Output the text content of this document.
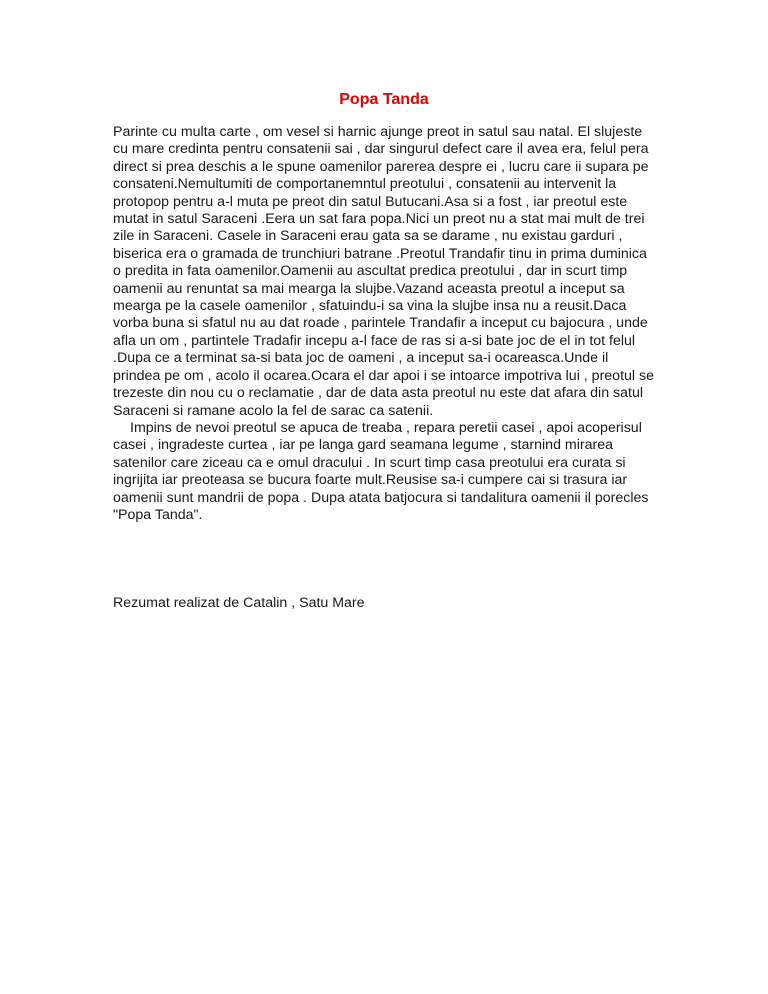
Popa Tanda

Parinte cu multa carte , om vesel si harnic ajunge preot in satul sau natal. El slujeste cu mare credinta pentru consatenii sai , dar singurul defect care il avea era, felul pera direct si prea deschis a le spune oamenilor parerea despre ei , lucru care ii supara pe consateni.Nemultumiti de comportanemntul preotului , consatenii au intervenit la protopop pentru a-l muta pe preot din satul Butucani.Asa si a fost , iar preotul este mutat in satul Saraceni .Eera un sat fara popa.Nici un preot nu a stat mai mult de trei zile in Saraceni. Casele in Saraceni erau gata sa se darame , nu existau garduri , biserica era o gramada de trunchiuri batrane .Preotul Trandafir tinu in prima duminica o predita in fata oamenilor.Oamenii au ascultat predica preotului , dar in scurt timp oamenii au renuntat sa mai mearga la slujbe.Vazand aceasta preotul a inceput sa mearga pe la casele oamenilor , sfatuindu-i sa vina la slujbe insa nu a reusit.Daca vorba buna si sfatul nu au dat roade , parintele Trandafir a inceput cu bajocura , unde afla un om , partintele Tradafir incepu a-l face de ras si a-si bate joc de el in tot felul .Dupa ce a terminat sa-si bata joc de oameni , a inceput sa-i ocareasca.Unde il prindea pe om , acolo il ocarea.Ocara el dar apoi i se intoarce impotriva lui , preotul se trezeste din nou cu o reclamatie , dar de data asta preotul nu este dat afara din satul Saraceni si ramane acolo la fel de sarac ca satenii.

Impins de nevoi preotul se apuca de treaba , repara peretii casei , apoi acoperisul casei , ingradeste curtea , iar pe langa gard seamana legume , starnind mirarea satenilor care ziceau ca e omul dracului . In scurt timp casa preotului era curata si ingrijita iar preoteasa se bucura foarte mult.Reusise sa-i cumpere cai si trasura iar oamenii sunt mandrii de popa . Dupa atata batjocura si tandalitura oamenii il porecles "Popa Tanda".

Rezumat realizat de Catalin , Satu Mare
